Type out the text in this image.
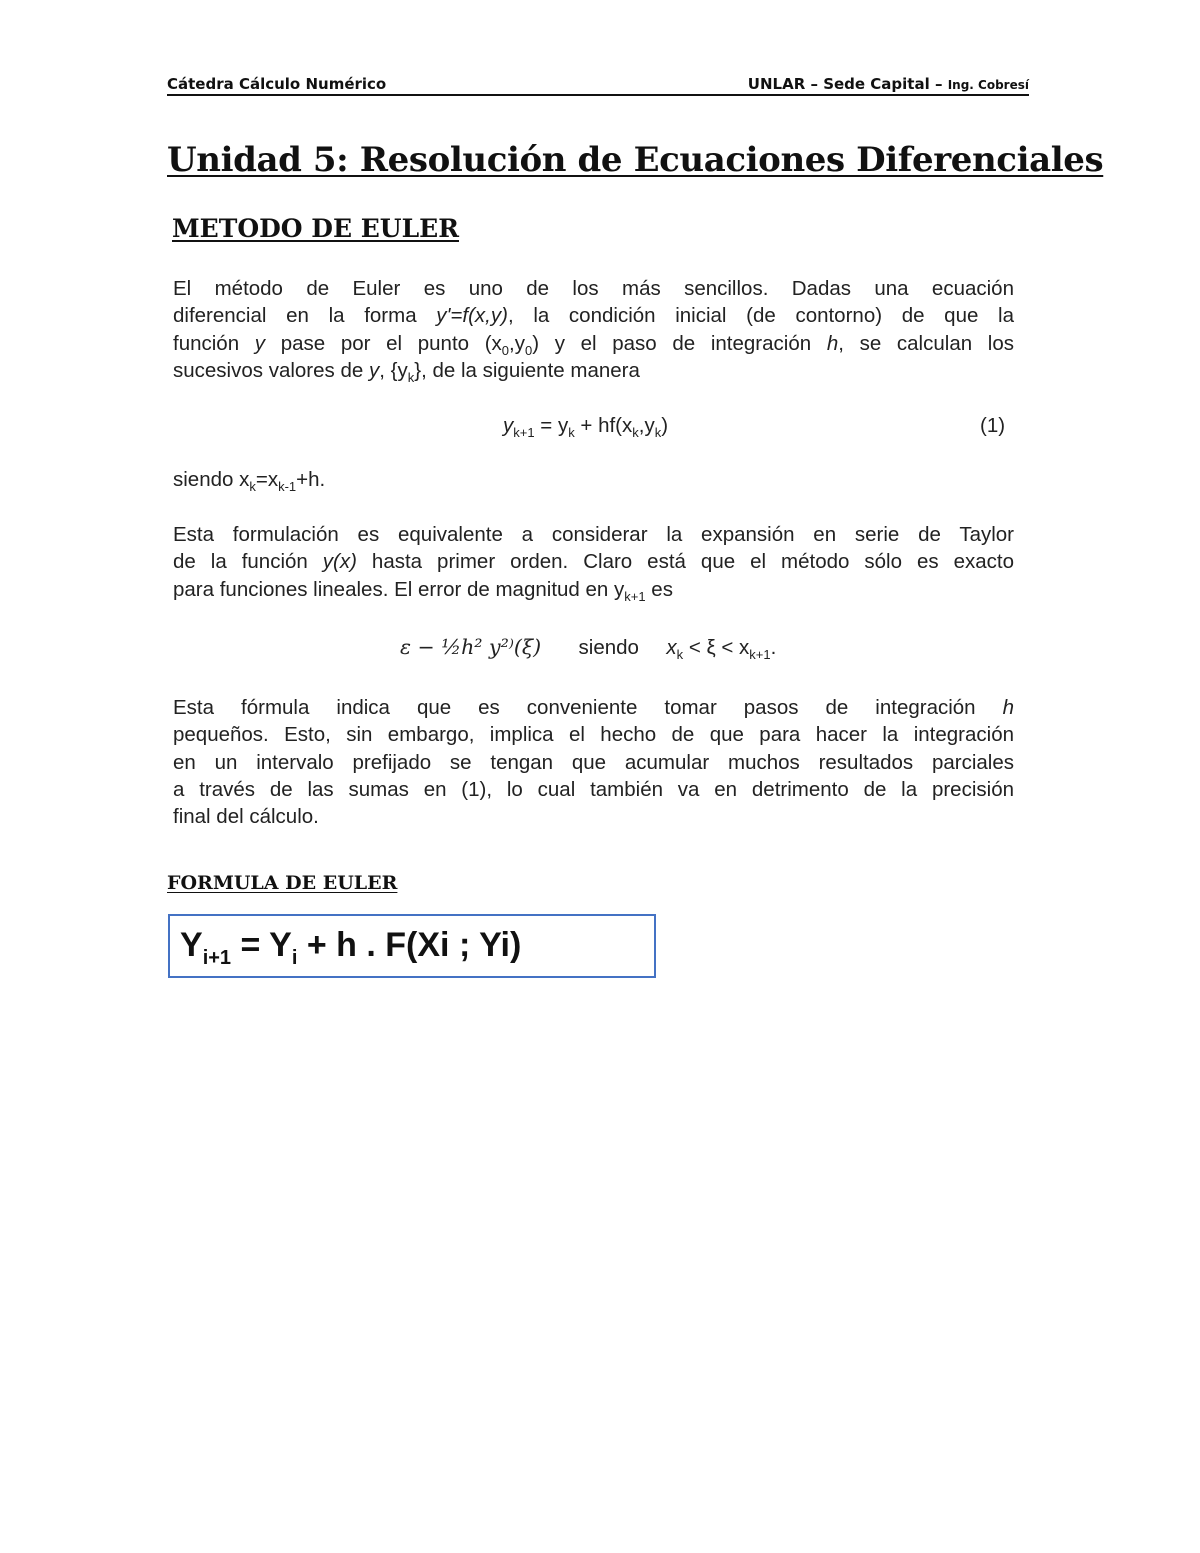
Cátedra Cálculo Numérico	UNLAR – Sede Capital – Ing. Cobresí
Unidad 5: Resolución de Ecuaciones Diferenciales
METODO DE EULER
El método de Euler es uno de los más sencillos. Dadas una ecuación
diferencial en la forma y'=f(x,y), la condición inicial (de contorno) de que la
función y pase por el punto $(x_0,y_0)$ y el paso de integración h, se calculan los
sucesivos valores de y, $\{y_k\}$, de la siguiente manera
$y_{k+1} = y_k + hf(x_k,y_k)$	(1)
siendo $x_k=x_{k-1}+h$.
Esta formulación es equivalente a considerar la expansión en serie de Taylor
de la función y(x) hasta primer orden. Claro está que el método sólo es exacto
para funciones lineales. El error de magnitud en $y_{k+1}$ es
ε − ½h² y²⁾(ξ) siendo $x_k < \xi < x_{k+1}$.
Esta fórmula indica que es conveniente tomar pasos de integración h
pequeños. Esto, sin embargo, implica el hecho de que para hacer la integración
en un intervalo prefijado se tengan que acumular muchos resultados parciales
a través de las sumas en (1), lo cual también va en detrimento de la precisión
final del cálculo.
FORMULA DE EULER
$Y_{i+1} = Y_i + h$ . F(Xi ; Yi)
